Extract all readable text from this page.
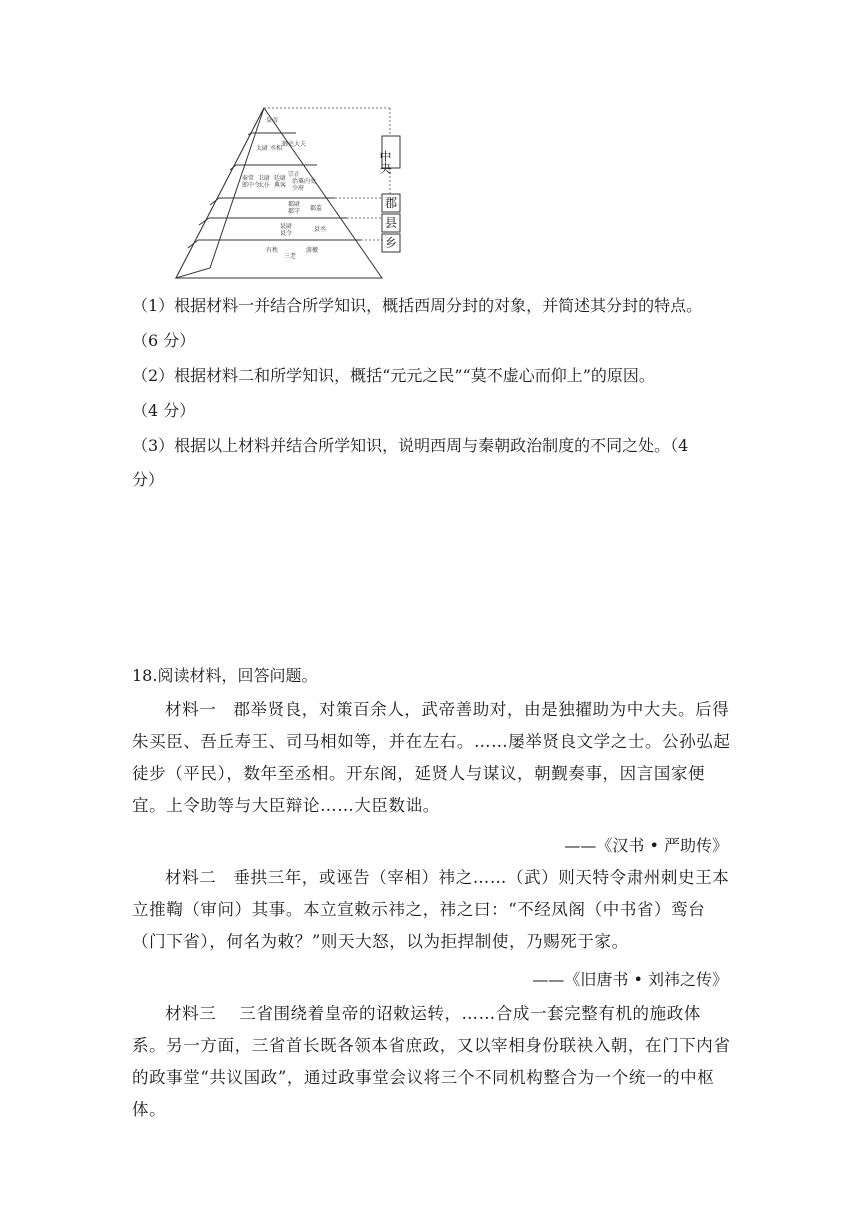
皇帝
太尉 丞相
御史大夫
奉常
郎中令
卫尉
太仆
廷尉
典客
宗正
治粟内史
少府
郡尉
郡守 郡监
县尉
县令
县丞
有秩
三老
游徼
中央
郡
县
乡
（1）根据材料一并结合所学知识，概括西周分封的对象，并简述其分封的特点。
（6 分）
（2）根据材料二和所学知识，概括“元元之民”“莫不虚心而仰上”的原因。
（4 分）
（3）根据以上材料并结合所学知识，说明西周与秦朝政治制度的不同之处。（4
分）
18.阅读材料，回答问题。
材料一　郡举贤良，对策百余人，武帝善助对，由是独擢助为中大夫。后得朱买臣、吾丘寿王、司马相如等，并在左右。……屡举贤良文学之士。公孙弘起徒步（平民），数年至丞相。开东阁，延贤人与谋议，朝觐奏事，因言国家便宜。上令助等与大臣辩论……大臣数诎。
——《汉书 • 严助传》
材料二　垂拱三年，或诬告（宰相）祎之……（武）则天特令肃州刺史王本立推鞫（审问）其事。本立宣敕示祎之，祎之曰：“不经凤阁（中书省）鸾台（门下省），何名为敕？”则天大怒，以为拒捍制使，乃赐死于家。
——《旧唐书 • 刘祎之传》
材料三　 三省围绕着皇帝的诏敕运转，……合成一套完整有机的施政体系。另一方面，三省首长既各领本省庶政，又以宰相身份联袂入朝，在门下内省的政事堂“共议国政”，通过政事堂会议将三个不同机构整合为一个统一的中枢体。
